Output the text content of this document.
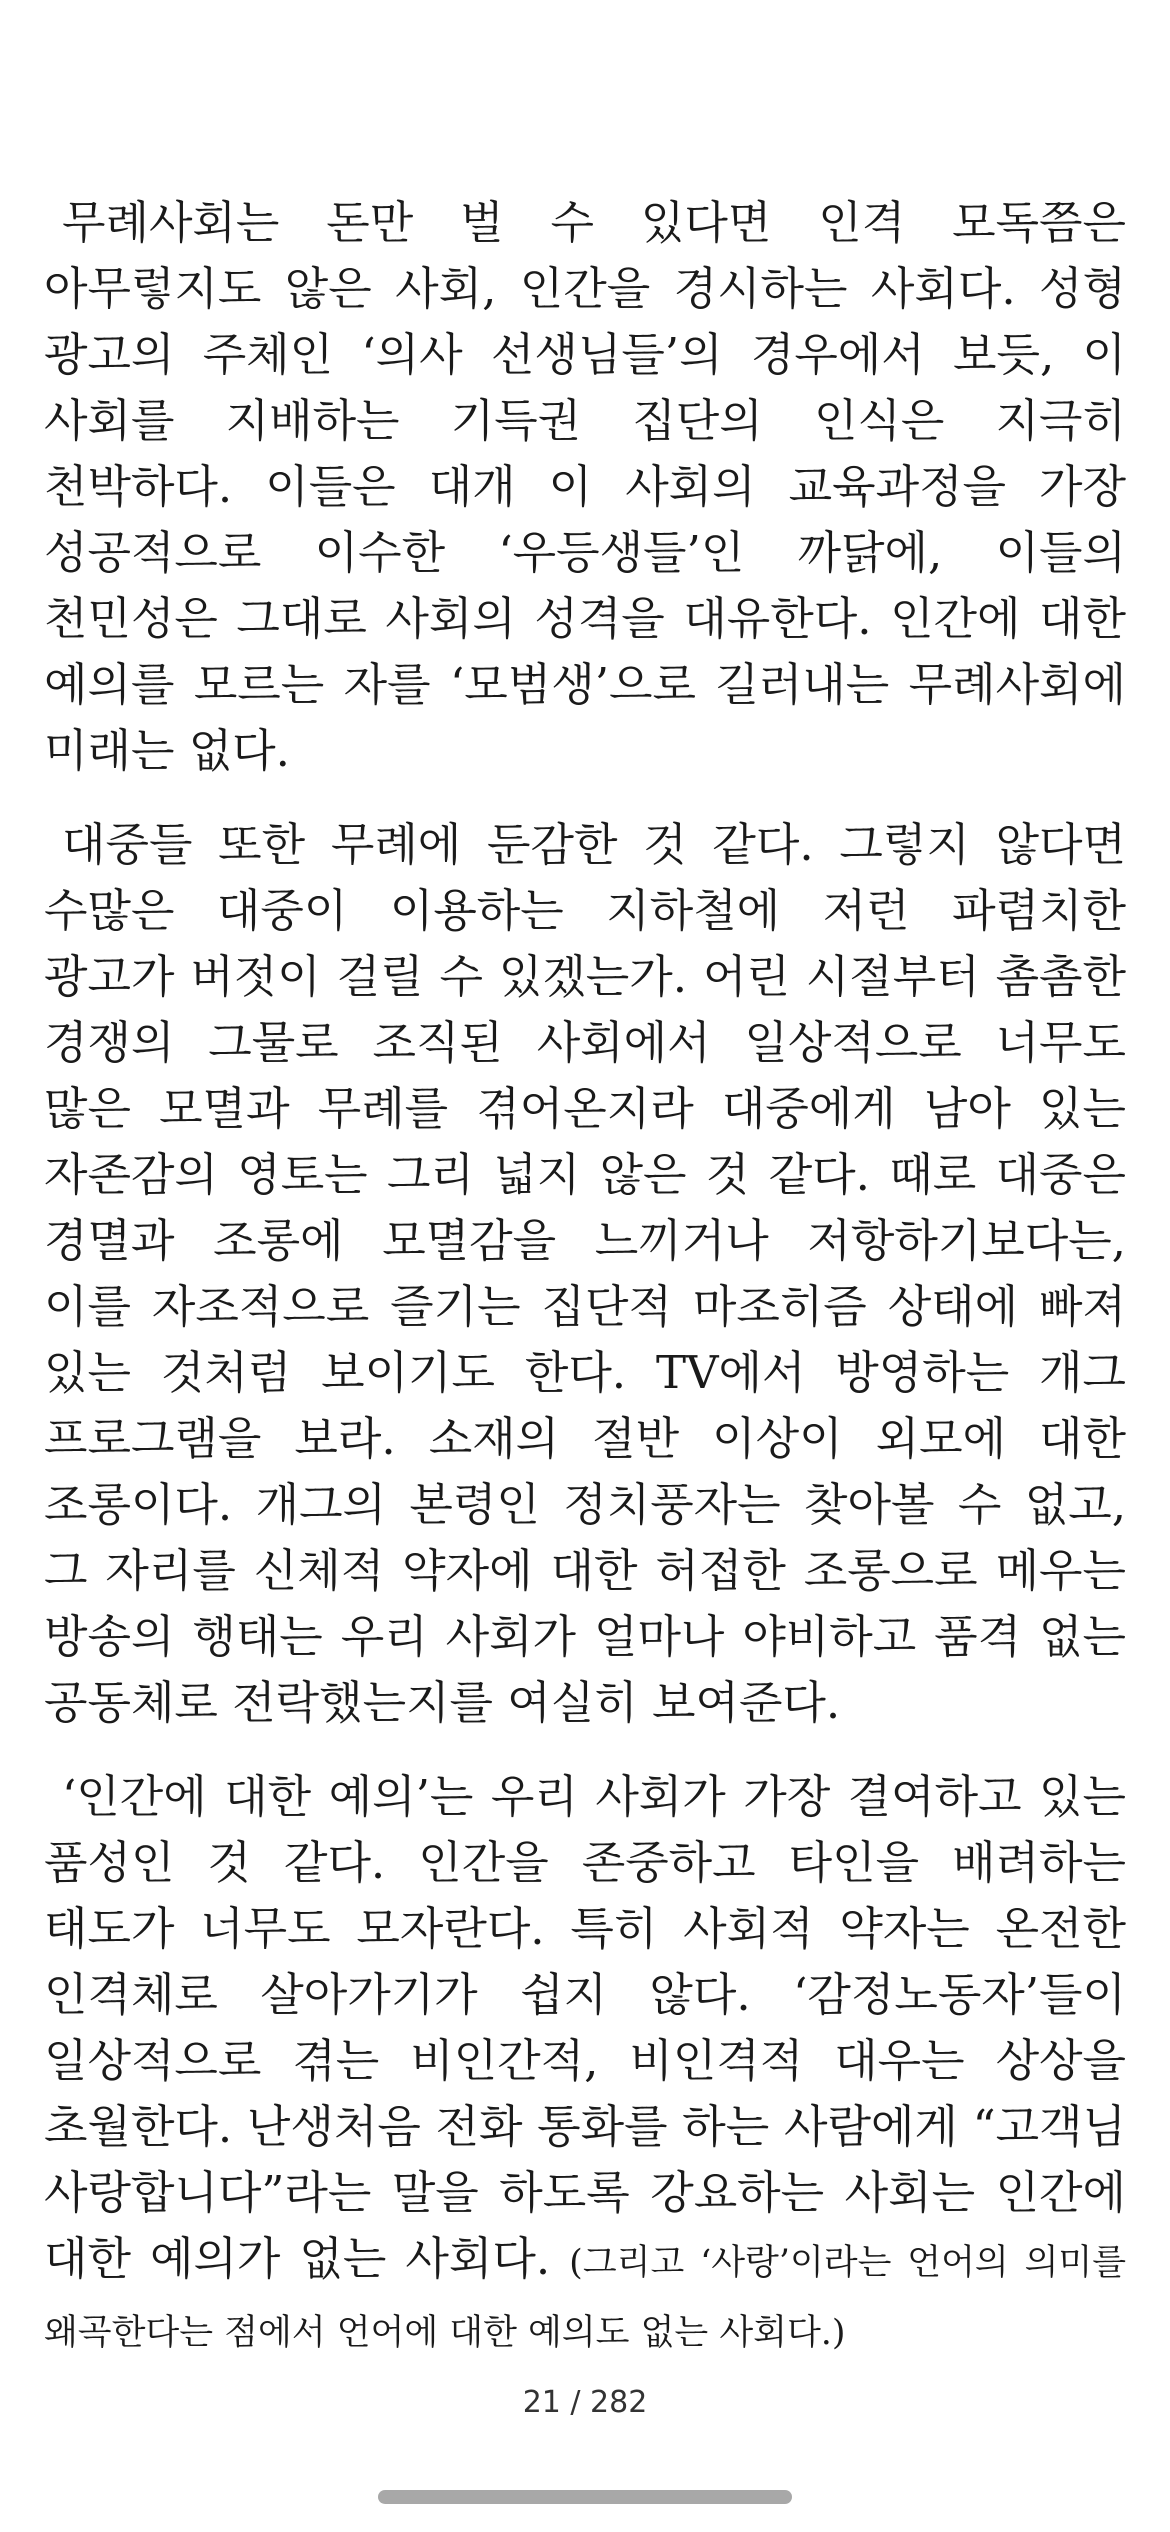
무례사회는 돈만 벌 수 있다면 인격 모독쯤은 아무렇지도 않은 사회, 인간을 경시하는 사회다. 성형 광고의 주체인 ‘의사 선생님들’의 경우에서 보듯, 이 사회를 지배하는 기득권 집단의 인식은 지극히 천박하다. 이들은 대개 이 사회의 교육과정을 가장 성공적으로 이수한 ‘우등생들’인 까닭에, 이들의 천민성은 그대로 사회의 성격을 대유한다. 인간에 대한 예의를 모르는 자를 ‘모범생’으로 길러내는 무례사회에 미래는 없다.

대중들 또한 무례에 둔감한 것 같다. 그렇지 않다면 수많은 대중이 이용하는 지하철에 저런 파렴치한 광고가 버젓이 걸릴 수 있겠는가. 어린 시절부터 촘촘한 경쟁의 그물로 조직된 사회에서 일상적으로 너무도 많은 모멸과 무례를 겪어온지라 대중에게 남아 있는 자존감의 영토는 그리 넓지 않은 것 같다. 때로 대중은 경멸과 조롱에 모멸감을 느끼거나 저항하기보다는, 이를 자조적으로 즐기는 집단적 마조히즘 상태에 빠져 있는 것처럼 보이기도 한다. TV에서 방영하는 개그 프로그램을 보라. 소재의 절반 이상이 외모에 대한 조롱이다. 개그의 본령인 정치풍자는 찾아볼 수 없고, 그 자리를 신체적 약자에 대한 허접한 조롱으로 메우는 방송의 행태는 우리 사회가 얼마나 야비하고 품격 없는 공동체로 전락했는지를 여실히 보여준다.

‘인간에 대한 예의’는 우리 사회가 가장 결여하고 있는 품성인 것 같다. 인간을 존중하고 타인을 배려하는 태도가 너무도 모자란다. 특히 사회적 약자는 온전한 인격체로 살아가기가 쉽지 않다. ‘감정노동자’들이 일상적으로 겪는 비인간적, 비인격적 대우는 상상을 초월한다. 난생처음 전화 통화를 하는 사람에게 “고객님 사랑합니다”라는 말을 하도록 강요하는 사회는 인간에 대한 예의가 없는 사회다. (그리고 ‘사랑’이라는 언어의 의미를 왜곡한다는 점에서 언어에 대한 예의도 없는 사회다.)

21 / 282
